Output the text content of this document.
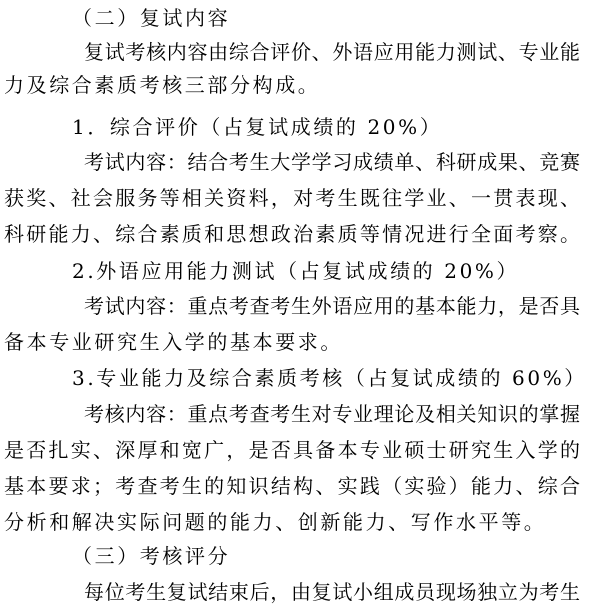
（二）复试内容
复试考核内容由综合评价、外语应用能力测试、专业能
力及综合素质考核三部分构成。
1．综合评价（占复试成绩的 20%）
考试内容：结合考生大学学习成绩单、科研成果、竞赛
获奖、社会服务等相关资料，对考生既往学业、一贯表现、
科研能力、综合素质和思想政治素质等情况进行全面考察。
2.外语应用能力测试（占复试成绩的 20%）
考试内容：重点考查考生外语应用的基本能力，是否具
备本专业研究生入学的基本要求。
3.专业能力及综合素质考核（占复试成绩的 60%）
考核内容：重点考查考生对专业理论及相关知识的掌握
是否扎实、深厚和宽广，是否具备本专业硕士研究生入学的
基本要求；考查考生的知识结构、实践（实验）能力、综合
分析和解决实际问题的能力、创新能力、写作水平等。
（三）考核评分
每位考生复试结束后，由复试小组成员现场独立为考生
